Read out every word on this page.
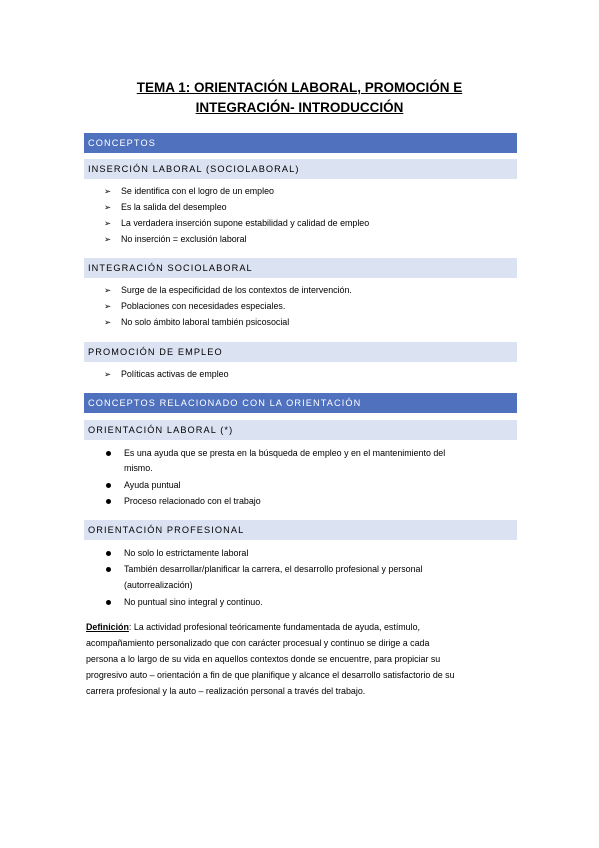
TEMA 1: ORIENTACIÓN LABORAL, PROMOCIÓN E
INTEGRACIÓN- INTRODUCCIÓN
CONCEPTOS
INSERCIÓN LABORAL (SOCIOLABORAL)
➢ Se identifica con el logro de un empleo
➢ Es la salida del desempleo
➢ La verdadera inserción supone estabilidad y calidad de empleo
➢ No inserción = exclusión laboral
INTEGRACIÓN SOCIOLABORAL
➢ Surge de la especificidad de los contextos de intervención.
➢ Poblaciones con necesidades especiales.
➢ No solo ámbito laboral también psicosocial
PROMOCIÓN DE EMPLEO
➢ Políticas activas de empleo
CONCEPTOS RELACIONADO CON LA ORIENTACIÓN
ORIENTACIÓN LABORAL (*)
Es una ayuda que se presta en la búsqueda de empleo y en el mantenimiento del
mismo.
Ayuda puntual
Proceso relacionado con el trabajo
ORIENTACIÓN PROFESIONAL
No solo lo estrictamente laboral
También desarrollar/planificar la carrera, el desarrollo profesional y personal
(autorrealización)
No puntual sino integral y continuo.
Definición: La actividad profesional teóricamente fundamentada de ayuda, estímulo,
acompañamiento personalizado que con carácter procesual y continuo se dirige a cada
persona a lo largo de su vida en aquellos contextos donde se encuentre, para propiciar su
progresivo auto – orientación a fin de que planifique y alcance el desarrollo satisfactorio de su
carrera profesional y la auto – realización personal a través del trabajo.
